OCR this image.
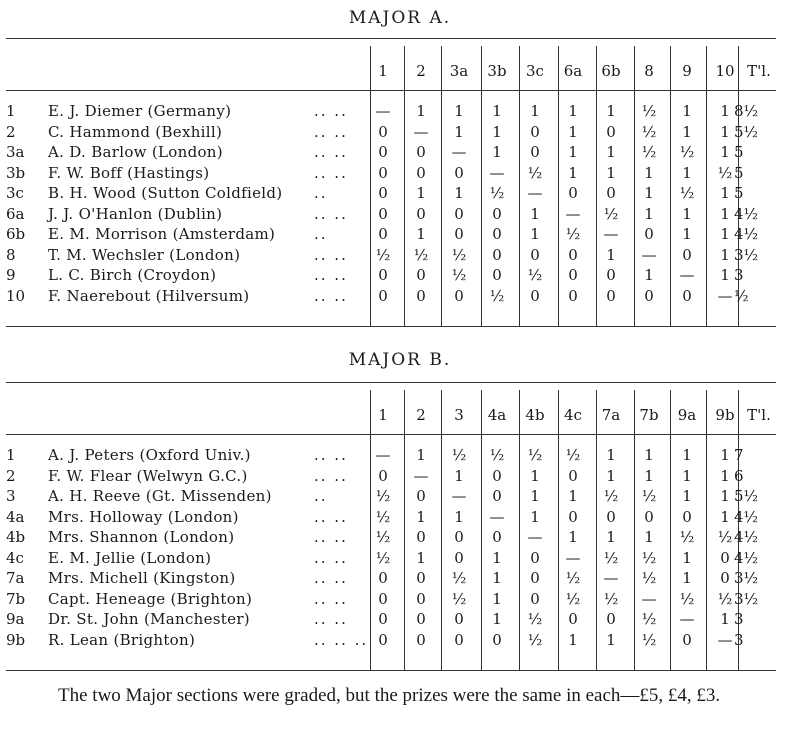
MAJOR A.
1	2	3a	3b	3c	6a	6b	8	9	10 T'l.
1	E. J. Diemer (Germany)	.. ..	—	1	1	1	1	1	1	½	1	1 8½
2	C. Hammond (Bexhill)	.. ..	0	—	1	1	0	1	0	½	1	1 5½
3a	A. D. Barlow (London)	.. ..	0	0	—	1	0	1	1	½	½	1 5
3b	F. W. Boff (Hastings)	.. ..	0	0	0	—	½	1	1	1	1	½ 5
3c	B. H. Wood (Sutton Coldfield) ..	0	1	1	½	—	0	0	1	½	1 5
6a	J. J. O'Hanlon (Dublin)	.. ..	0	0	0	0	1	—	½	1	1	1 4½
6b	E. M. Morrison (Amsterdam)	..	0	1	0	0	1	½	—	0	1	1 4½
8	T. M. Wechsler (London)	.. ..	½	½	½	0	0	0	1	—	0	1 3½
9	L. C. Birch (Croydon)	.. ..	0	0	½	0	½	0	0	1	—	1 3
10	F. Naerebout (Hilversum)	.. ..	0	0	0	½	0	0	0	0	0	— ½
MAJOR B.
1	2	3	4a	4b	4c	7a	7b	9a	9b T'l.
1	A. J. Peters (Oxford Univ.)	.. ..	—	1	½	½	½	½	1	1	1	1 7
2	F. W. Flear (Welwyn G.C.)	.. ..	0	—	1	0	1	0	1	1	1	1 6
3	A. H. Reeve (Gt. Missenden)	..	½	0	—	0	1	1	½	½	1	1 5½
4a	Mrs. Holloway (London)	.. ..	½	1	1	—	1	0	0	0	0	1 4½
4b	Mrs. Shannon (London)	.. ..	½	0	0	0	—	1	1	1	½	½ 4½
4c	E. M. Jellie (London)	.. ..	½	1	0	1	0	—	½	½	1	0 4½
7a	Mrs. Michell (Kingston)	.. ..	0	0	½	1	0	½	—	½	1	0 3½
7b	Capt. Heneage (Brighton)	.. ..	0	0	½	1	0	½	½	—	½	½ 3½
9a	Dr. St. John (Manchester)	.. ..	0	0	0	1	½	0	0	½	—	1 3
9b	R. Lean (Brighton)	.. .. .. 0	0	0	0	½	1	1	½	0	— 3
The two Major sections were graded, but the prizes were the same in each—£5, £4, £3.
